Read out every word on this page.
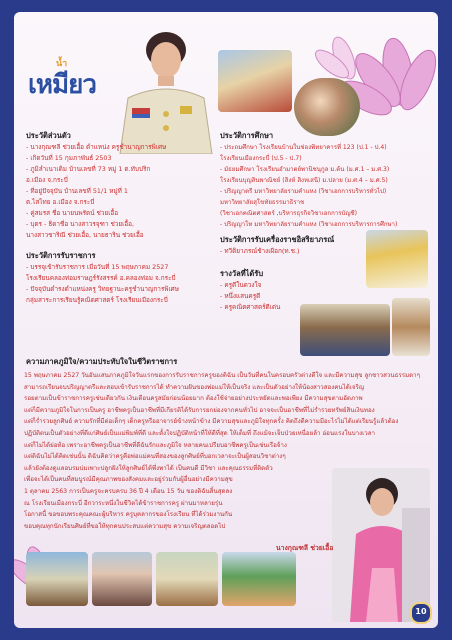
น้ำ
เหมียว
ประวัติส่วนตัว
- นางกุณฑลี ช่วยเอื้อ ตำแหน่ง ครูชำนาญการพิเศษ
- เกิดวันที่ 15 กุมภาพันธ์ 2503
- ภูมิลำเนาเดิม บ้านเลขที่ 73 หมู่ 1 ต.ทับปริก
อ.เมือง จ.กระบี่
- ที่อยู่ปัจจุบัน บ้านเลขที่ 51/1 หมู่ที่ 1
ต.ไสไทย อ.เมือง จ.กระบี่
- คู่สมรส ชื่อ นายนพรัตน์ ช่วยเอื้อ
- บุตร - ธิดาชื่อ นางสาวรจุฑา ช่วยเอื้อ,
นางสาวชาริณี ช่วยเอื้อ, นายธาริน ช่วยเอื้อ
ประวัติการรับราชการ
- บรรจุเข้ารับราชการ เมื่อวันที่ 15 พฤษภาคม 2527
โรงเรียนคลองท่อมราษฎร์รังสรรค์ อ.คลองท่อม จ.กระบี่
- ปัจจุบันดำรงตำแหน่งครู วิทยฐานะครูชำนาญการพิเศษ
กลุ่มสาระการเรียนรู้คณิตศาสตร์ โรงเรียนเมืองกระบี่
ประวัติการศึกษา
- ประถมศึกษา โรงเรียนบ้านในช่องพิทยาคารที่ 123 (ป.1 - ป.4)
โรงเรียนเมืองกระบี่ (ป.5 - ป.7)
- มัธยมศึกษา โรงเรียนอำมาตย์พานิชนุกูล ม.ต้น (ม.ศ.1 – ม.ศ.3)
โรงเรียนบุญสินพาณิชย์ (สิงห์ สิงหเสนี) ม.ปลาย (ม.ศ.4 – ม.ศ.5)
- ปริญญาตรี มหาวิทยาลัยรามคำแหง (วิชาเอกการบริหารทั่วไป)
มหาวิทยาลัยสุโขทัยธรรมาธิราช
(วิชาเอกคณิตศาสตร์ ,บริหารธุรกิจวิชาเอกการบัญชี)
- ปริญญาโท มหาวิทยาลัยรามคำแหง (วิชาเอกการบริหารการศึกษา)
ประวัติการรับเครื่องราชอิสริยาภรณ์
- ทวีติยาภรณ์ช้างเผือก(ท.ช.)
รางวัลที่ได้รับ
- ครูดีในดวงใจ
- หนึ่งแสนครูดี
- ครูคณิตศาสตร์ดีเด่น
ความภาคภูมิใจ/ความประทับใจในชีวิตราชการ
15 พฤษภาคม 2527 วันอันแสนภาคภูมิใจวันแรกของการรับราชการครูของดิฉัน เป็นวันที่คนในครอบครัวต่างดีใจ และมีความสุข ลูกชาวสวนธรรมดาๆ
สามารถเรียนจบปริญญาตรีและสอบเข้ารับราชการได้ ทำความฝันของพ่อแม่ให้เป็นจริง และเป็นตัวอย่างให้น้องสาวสองคนได้เจริญ
รอยตามเป็นข้าราชการครูเช่นเดียวกัน เงินเดือนครูสมัยก่อนน้อยมาก ต้องใช้จ่ายอย่างประหยัดและพอเพียง มีความสุขตามอัตภาพ
แต่ก็มีความภูมิใจในการเป็นครู อาชีพครูเป็นอาชีพที่มีเกียรติได้รับการยกย่องจากคนทั่วไป อาจจะเป็นอาชีพที่ไม่ร่ำรวยทรัพย์สินเงินทอง
แต่ก็ร่ำรวยลูกศิษย์ ความรักที่มีต่อเด็กๆ เด็กครูหรืออาจารย์ข้างหน้าข้าง มีความสุขและภูมิใจทุกครั้ง คิดถึงดีความมีอะไรไม่ได้แต่เรียนรู้แล้วต้อง
ปฏิบัติตนเป็นตัวอย่างที่ดีแก่ศิษย์เป็นแม่พิมพ์ที่ดี และตั้งใจปฏิบัติหน้าที่ให้ดีที่สุด ให้เต็มที่ ถึงแม้จะเจ็บป่วยเหนื่อยล้า อ่อนแรงในบางเวลา
แต่ก็ไม่ได้ย่อท้อ เพราะอาชีพครูเป็นอาชีพที่ดีฉันรักและภูมิใจ หลายคนเปรียบอาชีพครูเป็นเช่นเรือจ้าง
แต่ดิฉันไม่ได้คิดเช่นนั้น ดิฉันคิดว่าครูคือพ่อแม่คนที่สองของลูกศิษย์ที่บอกเวลาจะเป็นผู้สอนวิชาต่างๆ
แล้วยังต้องดูแลอบรมบ่มเพาะปลูกฝังให้ลูกศิษย์ได้พึ่งพาได้ เป็นคนดี มีวิชา และคุณธรรมที่ติดตัว
เพื่อจะได้เป็นคนที่สมบูรณ์มีคุณภาพของสังคมและอยู่ร่วมกับผู้อื่นอย่างมีความสุข
1 ตุลาคม 2563 การเป็นครูจะครบครบ 36 ปี 4 เดือน 15 วัน ของดิฉันสิ้นสุดลง
ณ โรงเรียนเมืองกระบี่ อีกวาระหนึ่งในชีวิตได้ข้าราชการครู ผ่านมาหลายรุ่น
โอกาสนี้ ขอขอบพระคุณคณะผู้บริหาร ครูบุคลากรของโรงเรียน ที่ได้ร่วมงานกัน
ขอบคุณทุกนักเรียนศิษย์ที่ขอให้ทุกคนประสบแต่ความสุข ความเจริญตลอดไป
นางกุณฑลี ช่วยเอื้อ
10
